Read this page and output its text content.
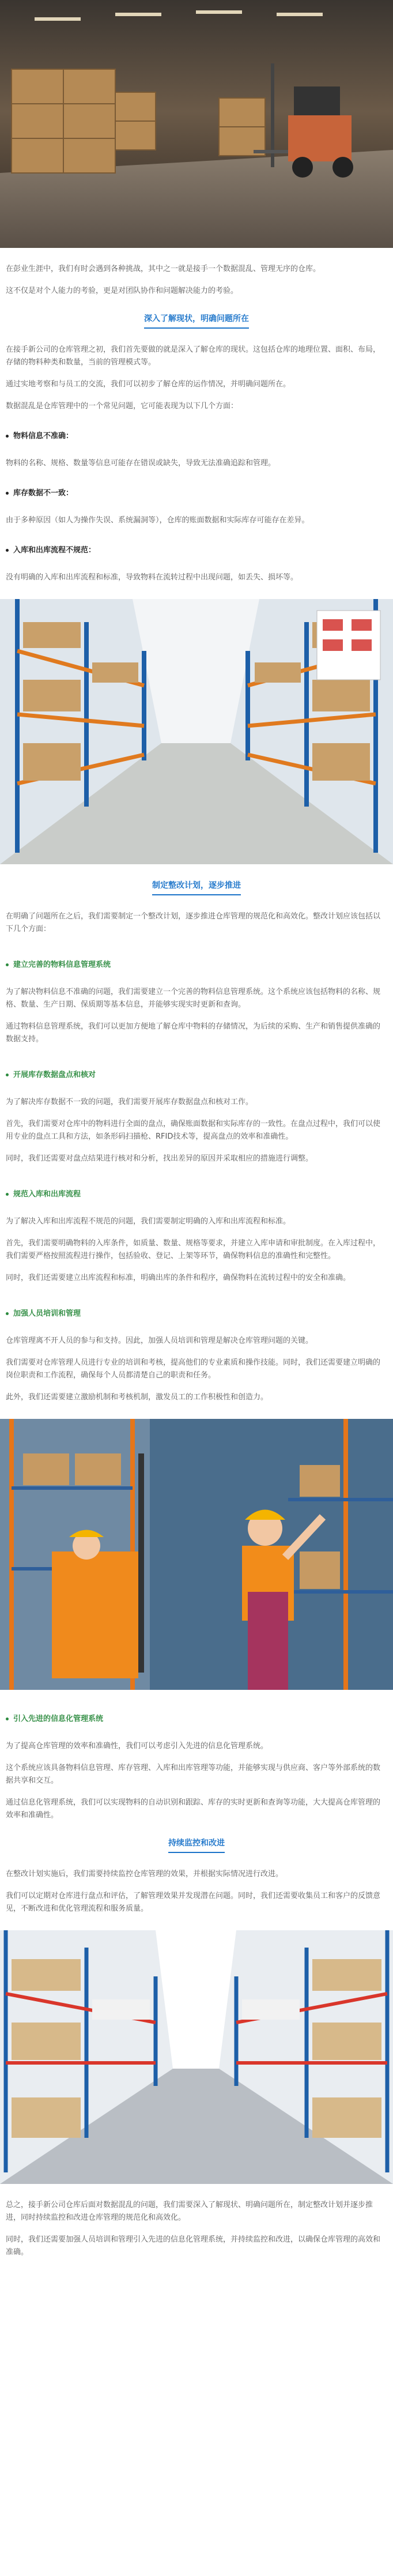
在彭业生涯中，我们有时会遇到各种挑战，其中之一就是接手一个数据混乱、管理无序的仓库。

这不仅是对个人能力的考验，更是对团队协作和问题解决能力的考验。

深入了解现状，明确问题所在

在接手新公司的仓库管理之初，我们首先要做的就是深入了解仓库的现状。这包括仓库的地理位置、面积、布局，存储的物料种类和数量，当前的管理模式等。

通过实地考察和与员工的交流，我们可以初步了解仓库的运作情况，并明确问题所在。

数据混乱是仓库管理中的一个常见问题，它可能表现为以下几个方面：

物料信息不准确：

物料的名称、规格、数量等信息可能存在错误或缺失，导致无法准确追踪和管理。

库存数据不一致：

由于多种原因（如人为操作失误、系统漏洞等），仓库的账面数据和实际库存可能存在差异。

入库和出库流程不规范：

没有明确的入库和出库流程和标准，导致物料在流转过程中出现问题，如丢失、损坏等。

制定整改计划，逐步推进

在明确了问题所在之后，我们需要制定一个整改计划，逐步推进仓库管理的规范化和高效化。整改计划应该包括以下几个方面：

建立完善的物料信息管理系统

为了解决物料信息不准确的问题，我们需要建立一个完善的物料信息管理系统。这个系统应该包括物料的名称、规格、数量、生产日期、保质期等基本信息，并能够实现实时更新和查询。

通过物料信息管理系统，我们可以更加方便地了解仓库中物料的存储情况，为后续的采购、生产和销售提供准确的数据支持。

开展库存数据盘点和核对

为了解决库存数据不一致的问题，我们需要开展库存数据盘点和核对工作。

首先，我们需要对仓库中的物料进行全面的盘点，确保账面数据和实际库存的一致性。在盘点过程中，我们可以使用专业的盘点工具和方法，如条形码扫描枪、RFID技术等，提高盘点的效率和准确性。

同时，我们还需要对盘点结果进行核对和分析，找出差异的原因并采取相应的措施进行调整。

规范入库和出库流程

为了解决入库和出库流程不规范的问题，我们需要制定明确的入库和出库流程和标准。

首先，我们需要明确物料的入库条件，如质量、数量、规格等要求，并建立入库申请和审批制度。在入库过程中，我们需要严格按照流程进行操作，包括验收、登记、上架等环节，确保物料信息的准确性和完整性。

同时，我们还需要建立出库流程和标准，明确出库的条件和程序，确保物料在流转过程中的安全和准确。

加强人员培训和管理

仓库管理离不开人员的参与和支持。因此，加强人员培训和管理是解决仓库管理问题的关键。

我们需要对仓库管理人员进行专业的培训和考核，提高他们的专业素质和操作技能。同时，我们还需要建立明确的岗位职责和工作流程，确保每个人员都清楚自己的职责和任务。

此外，我们还需要建立激励机制和考核机制，激发员工的工作积极性和创造力。

引入先进的信息化管理系统

为了提高仓库管理的效率和准确性，我们可以考虑引入先进的信息化管理系统。

这个系统应该具备物料信息管理、库存管理、入库和出库管理等功能，并能够实现与供应商、客户等外部系统的数据共享和交互。

通过信息化管理系统，我们可以实现物料的自动识别和跟踪、库存的实时更新和查询等功能，大大提高仓库管理的效率和准确性。

持续监控和改进

在整改计划实施后，我们需要持续监控仓库管理的效果，并根据实际情况进行改进。

我们可以定期对仓库进行盘点和评估，了解管理效果并发现潜在问题。同时，我们还需要收集员工和客户的反馈意见，不断改进和优化管理流程和服务质量。

总之，接手新公司仓库后面对数据混乱的问题，我们需要深入了解现状、明确问题所在，制定整改计划并逐步推进，同时持续监控和改进仓库管理的规范化和高效化。

同时，我们还需要加强人员培训和管理引入先进的信息化管理系统，并持续监控和改进，以确保仓库管理的高效和准确。
